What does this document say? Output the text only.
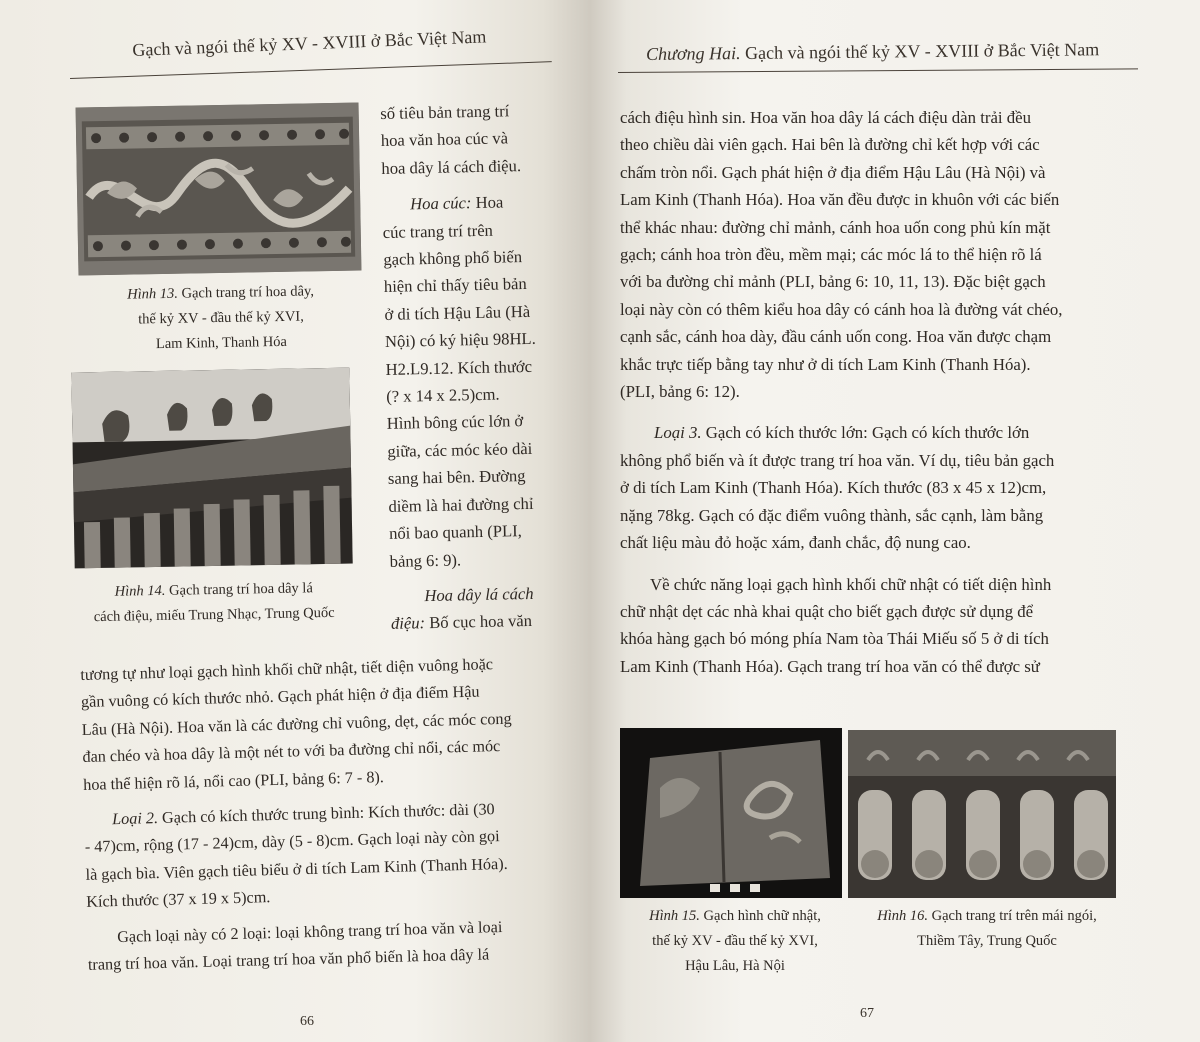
Gạch và ngói thế kỷ XV - XVIII ở Bắc Việt Nam
Hình 13. Gạch trang trí hoa dây,
thế kỷ XV - đầu thế kỷ XVI,
Lam Kinh, Thanh Hóa
Hình 14. Gạch trang trí hoa dây lá
cách điệu, miếu Trung Nhạc, Trung Quốc

số tiêu bản trang trí

hoa văn hoa cúc và

hoa dây lá cách điệu.

Hoa cúc: Hoa

cúc trang trí trên

gạch không phổ biến

hiện chỉ thấy tiêu bản

ở di tích Hậu Lâu (Hà

Nội) có ký hiệu 98HL.

H2.L9.12. Kích thước

(? x 14 x 2.5)cm.

Hình bông cúc lớn ở

giữa, các móc kéo dài

sang hai bên. Đường

diềm là hai đường chỉ

nổi bao quanh (PLI,

bảng 6: 9).

Hoa dây lá cách

điệu: Bố cục hoa văn

tương tự như loại gạch hình khối chữ nhật, tiết diện vuông hoặc

gần vuông có kích thước nhỏ. Gạch phát hiện ở địa điểm Hậu

Lâu (Hà Nội). Hoa văn là các đường chỉ vuông, dẹt, các móc cong

đan chéo và hoa dây là một nét to với ba đường chỉ nổi, các móc

hoa thể hiện rõ lá, nổi cao (PLI, bảng 6: 7 - 8).

Loại 2. Gạch có kích thước trung bình: Kích thước: dài (30

- 47)cm, rộng (17 - 24)cm, dày (5 - 8)cm. Gạch loại này còn gọi

là gạch bìa. Viên gạch tiêu biểu ở di tích Lam Kinh (Thanh Hóa).

Kích thước (37 x 19 x 5)cm.

Gạch loại này có 2 loại: loại không trang trí hoa văn và loại

trang trí hoa văn. Loại trang trí hoa văn phổ biến là hoa dây lá

66
Chương Hai. Gạch và ngói thế kỷ XV - XVIII ở Bắc Việt Nam

cách điệu hình sin. Hoa văn hoa dây lá cách điệu dàn trải đều

theo chiều dài viên gạch. Hai bên là đường chỉ kết hợp với các

chấm tròn nổi. Gạch phát hiện ở địa điểm Hậu Lâu (Hà Nội) và

Lam Kinh (Thanh Hóa). Hoa văn đều được in khuôn với các biến

thể khác nhau: đường chỉ mảnh, cánh hoa uốn cong phủ kín mặt

gạch; cánh hoa tròn đều, mềm mại; các móc lá to thể hiện rõ lá

với ba đường chỉ mảnh (PLI, bảng 6: 10, 11, 13). Đặc biệt gạch

loại này còn có thêm kiểu hoa dây có cánh hoa là đường vát chéo,

cạnh sắc, cánh hoa dày, đầu cánh uốn cong. Hoa văn được chạm

khắc trực tiếp bằng tay như ở di tích Lam Kinh (Thanh Hóa).

(PLI, bảng 6: 12).

Loại 3. Gạch có kích thước lớn: Gạch có kích thước lớn

không phổ biến và ít được trang trí hoa văn. Ví dụ, tiêu bản gạch

ở di tích Lam Kinh (Thanh Hóa). Kích thước (83 x 45 x 12)cm,

nặng 78kg. Gạch có đặc điểm vuông thành, sắc cạnh, làm bằng

chất liệu màu đỏ hoặc xám, đanh chắc, độ nung cao.

Về chức năng loại gạch hình khối chữ nhật có tiết diện hình

chữ nhật dẹt các nhà khai quật cho biết gạch được sử dụng để

khóa hàng gạch bó móng phía Nam tòa Thái Miếu số 5 ở di tích

Lam Kinh (Thanh Hóa). Gạch trang trí hoa văn có thể được sử

Hình 15. Gạch hình chữ nhật,
thế kỷ XV - đầu thế kỷ XVI,
Hậu Lâu, Hà Nội
Hình 16. Gạch trang trí trên mái ngói,
Thiềm Tây, Trung Quốc
67
